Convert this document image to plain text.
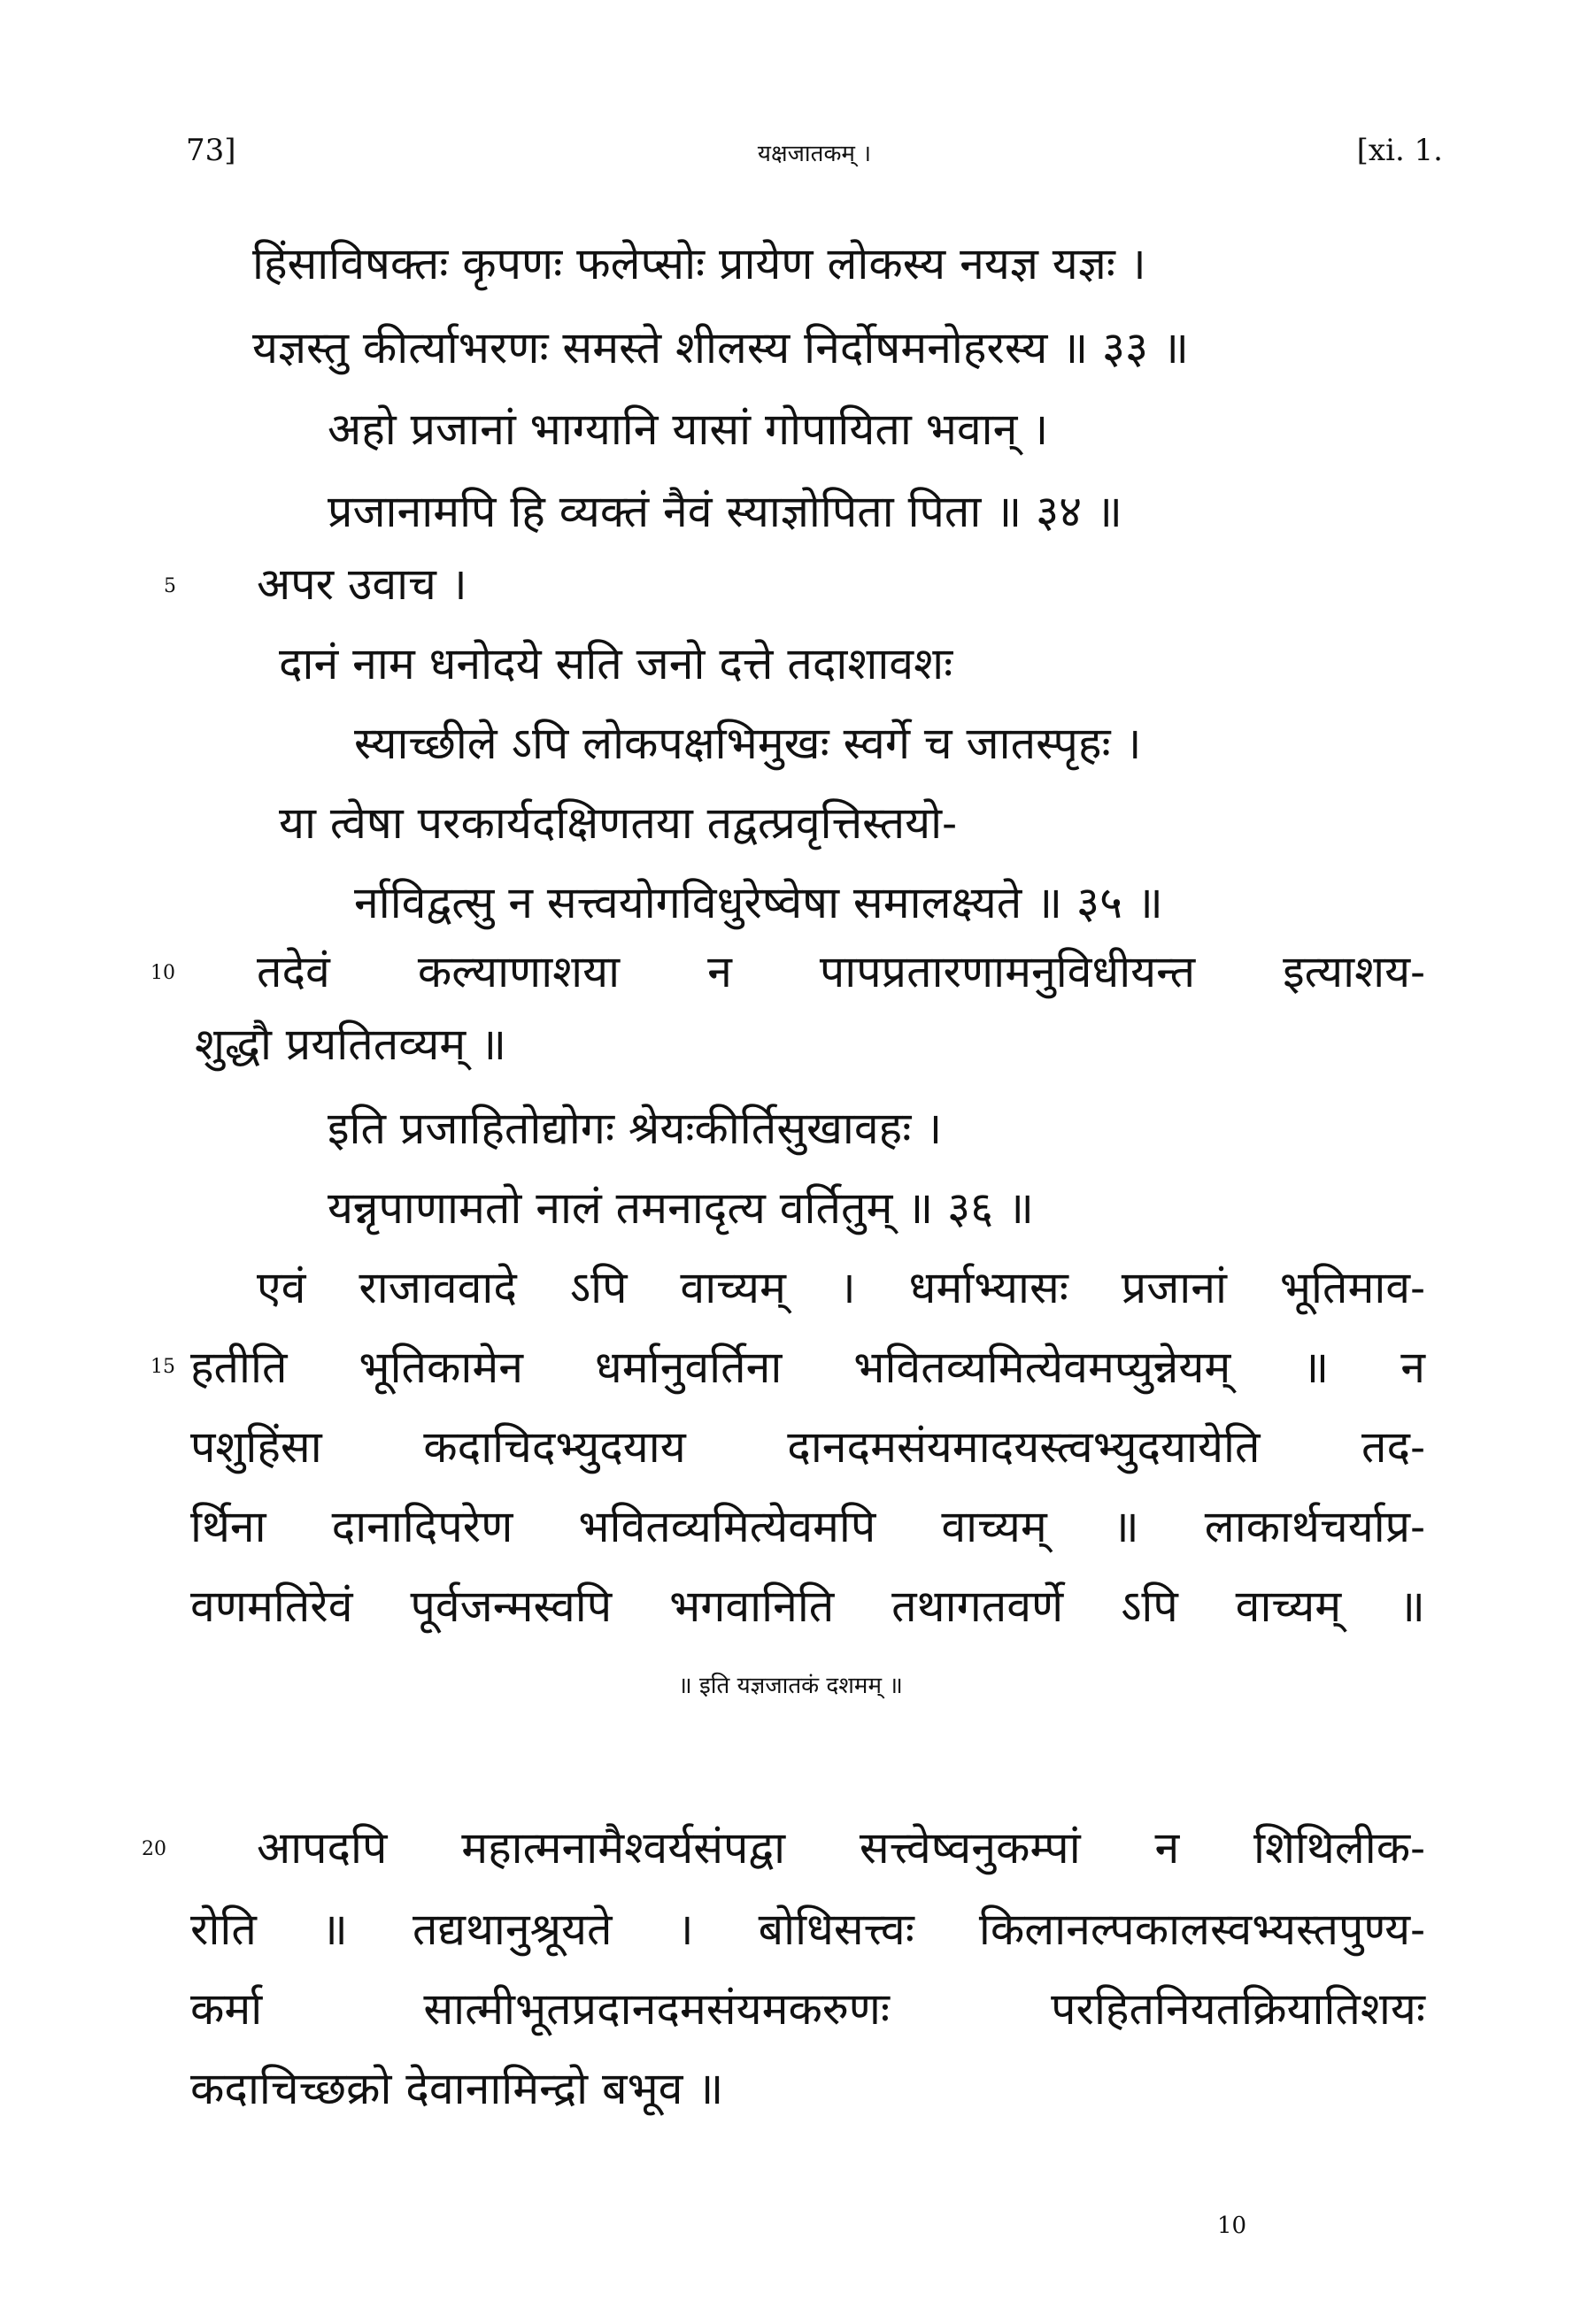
73]	यक्षजातकम् ।	[xi. 1.
हिंसाविषक्तः कृपणः फलेप्सोः प्रायेण लोकस्य नयज्ञ यज्ञः ।
यज्ञस्तु कीर्त्याभरणः समस्ते शीलस्य निर्दोषमनोहरस्य ॥ ३३ ॥
अहो प्रजानां भाग्यानि यासां गोपायिता भवान् ।
प्रजानामपि हि व्यक्तं नैवं स्याज्ञोपिता पिता ॥ ३४ ॥
5 अपर उवाच ।
दानं नाम धनोदये सति जनो दत्ते तदाशावशः
स्याच्छीले ऽपि लोकपक्षभिमुखः स्वर्गे च जातस्पृहः ।
या त्वेषा परकार्यदक्षिणतया तद्वत्प्रवृत्तिस्तयो-
र्नाविद्वत्सु न सत्त्वयोगविधुरेष्वेषा समालक्ष्यते ॥ ३५ ॥
10 तदेवं कल्याणाशया न पापप्रतारणामनुविधीयन्त इत्याशय-
शुद्धौ प्रयतितव्यम् ॥
इति प्रजाहितोद्योगः श्रेयःकीर्तिसुखावहः ।
यन्नृपाणामतो नालं तमनादृत्य वर्तितुम् ॥ ३६ ॥
एवं राजाववादे ऽपि वाच्यम् । धर्माभ्यासः प्रजानां भूतिमाव-
15 हतीति भूतिकामेन धर्मानुवर्तिना भवितव्यमित्येवमप्युन्नेयम् ॥ न
पशुहिंसा कदाचिदभ्युदयाय दानदमसंयमादयस्त्वभ्युदयायेति तद-
र्थिना दानादिपरेण भवितव्यमित्येवमपि वाच्यम् ॥ लाकार्थचर्याप्र-
वणमतिरेवं पूर्वजन्मस्वपि भगवानिति तथागतवर्णे ऽपि वाच्यम् ॥
॥ इति यज्ञजातकं दशमम् ॥
20 आपदपि महात्मनामैश्वर्यसंपद्वा सत्त्वेष्वनुकम्पां न शिथिलीक-
रोति ॥ तद्यथानुश्रूयते । बोधिसत्त्वः किलानल्पकालस्वभ्यस्तपुण्य-
कर्मा सात्मीभूतप्रदानदमसंयमकरुणः परहितनियतक्रियातिशयः
कदाचिच्छक्रो देवानामिन्द्रो बभूव ॥
10
